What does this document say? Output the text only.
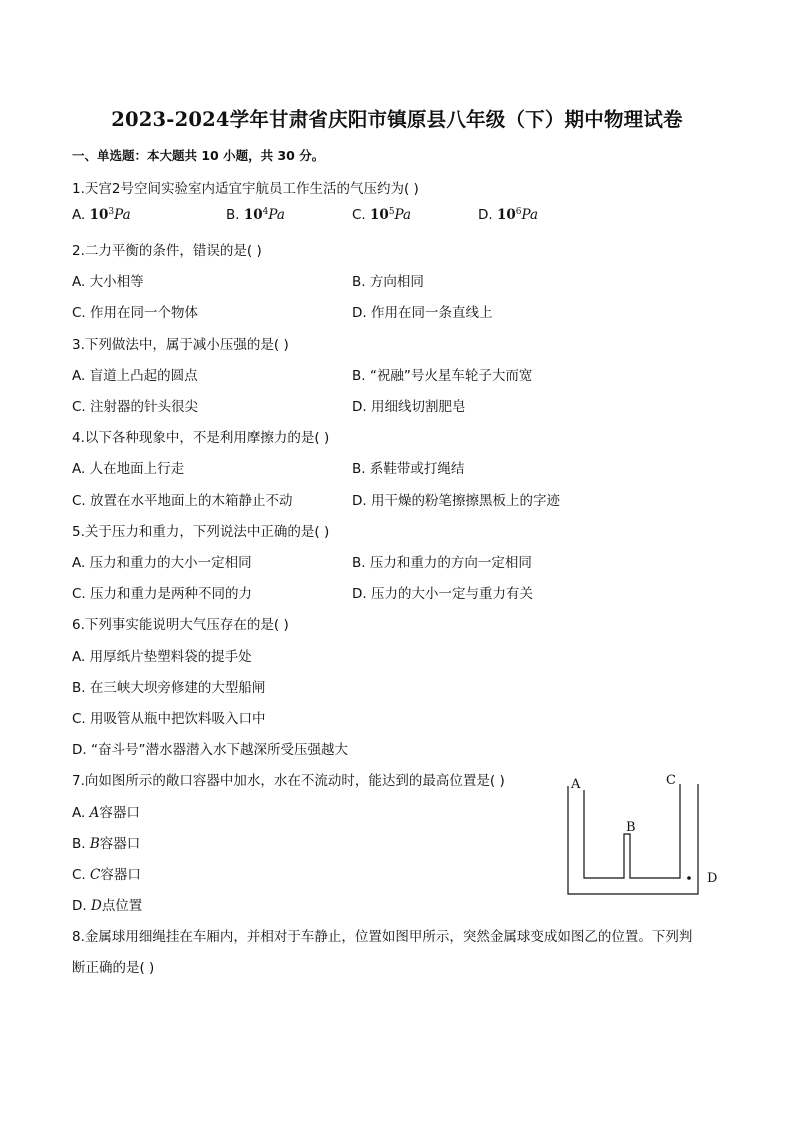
2023-2024学年甘肃省庆阳市镇原县八年级（下）期中物理试卷
一、单选题：本大题共 10 小题，共 30 分。
1.天宫2号空间实验室内适宜宇航员工作生活的气压约为( )
A. $10^3Pa$	B. $10^4Pa$	C. $10^5Pa$	D. $10^6Pa$
2.二力平衡的条件，错误的是( )
A. 大小相等	B. 方向相同
C. 作用在同一个物体	D. 作用在同一条直线上
3.下列做法中，属于减小压强的是( )
A. 盲道上凸起的圆点	B. “祝融”号火星车轮子大而宽
C. 注射器的针头很尖	D. 用细线切割肥皂
4.以下各种现象中，不是利用摩擦力的是( )
A. 人在地面上行走	B. 系鞋带或打绳结
C. 放置在水平地面上的木箱静止不动	D. 用干燥的粉笔擦擦黑板上的字迹
5.关于压力和重力，下列说法中正确的是( )
A. 压力和重力的大小一定相同	B. 压力和重力的方向一定相同
C. 压力和重力是两种不同的力	D. 压力的大小一定与重力有关
6.下列事实能说明大气压存在的是( )
A. 用厚纸片垫塑料袋的提手处
B. 在三峡大坝旁修建的大型船闸
C. 用吸管从瓶中把饮料吸入口中
D. “奋斗号”潜水器潜入水下越深所受压强越大
7.向如图所示的敞口容器中加水，水在不流动时，能达到的最高位置是( )
A. A容器口
B. B容器口
C. C容器口
D. D点位置
A
B
C
D
8.金属球用细绳挂在车厢内，并相对于车静止，位置如图甲所示，突然金属球变成如图乙的位置。下列判
断正确的是( )
